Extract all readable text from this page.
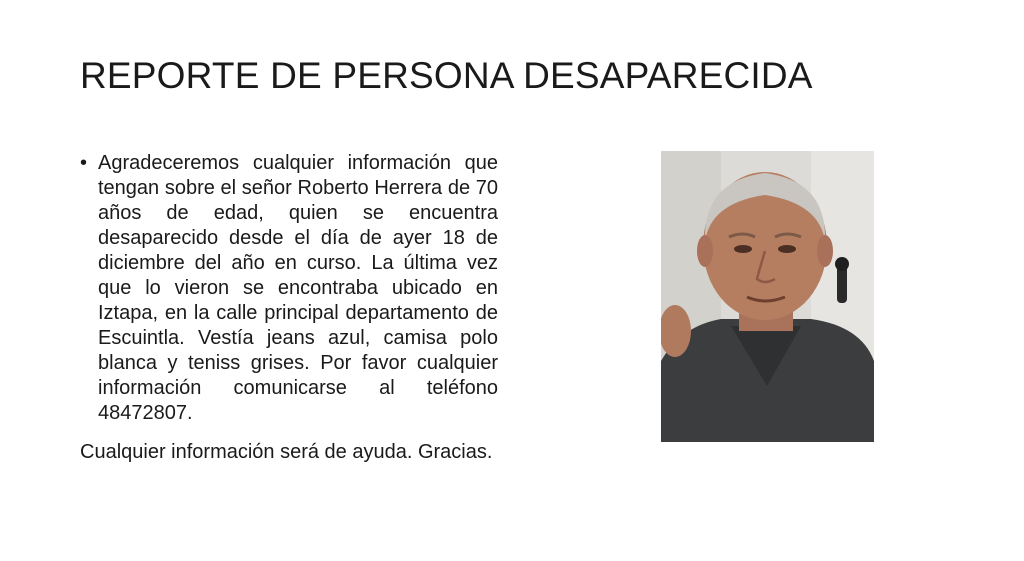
REPORTE DE PERSONA DESAPARECIDA
• Agradeceremos cualquier información que tengan sobre el señor Roberto Herrera de 70 años de edad, quien se encuentra desaparecido desde el día de ayer 18 de diciembre del año en curso. La última vez que lo vieron se encontraba ubicado en Iztapa, en la calle principal departamento de Escuintla. Vestía jeans azul, camisa polo blanca y teniss grises. Por favor cualquier información comunicarse al teléfono 48472807.
Cualquier información será de ayuda. Gracias.
